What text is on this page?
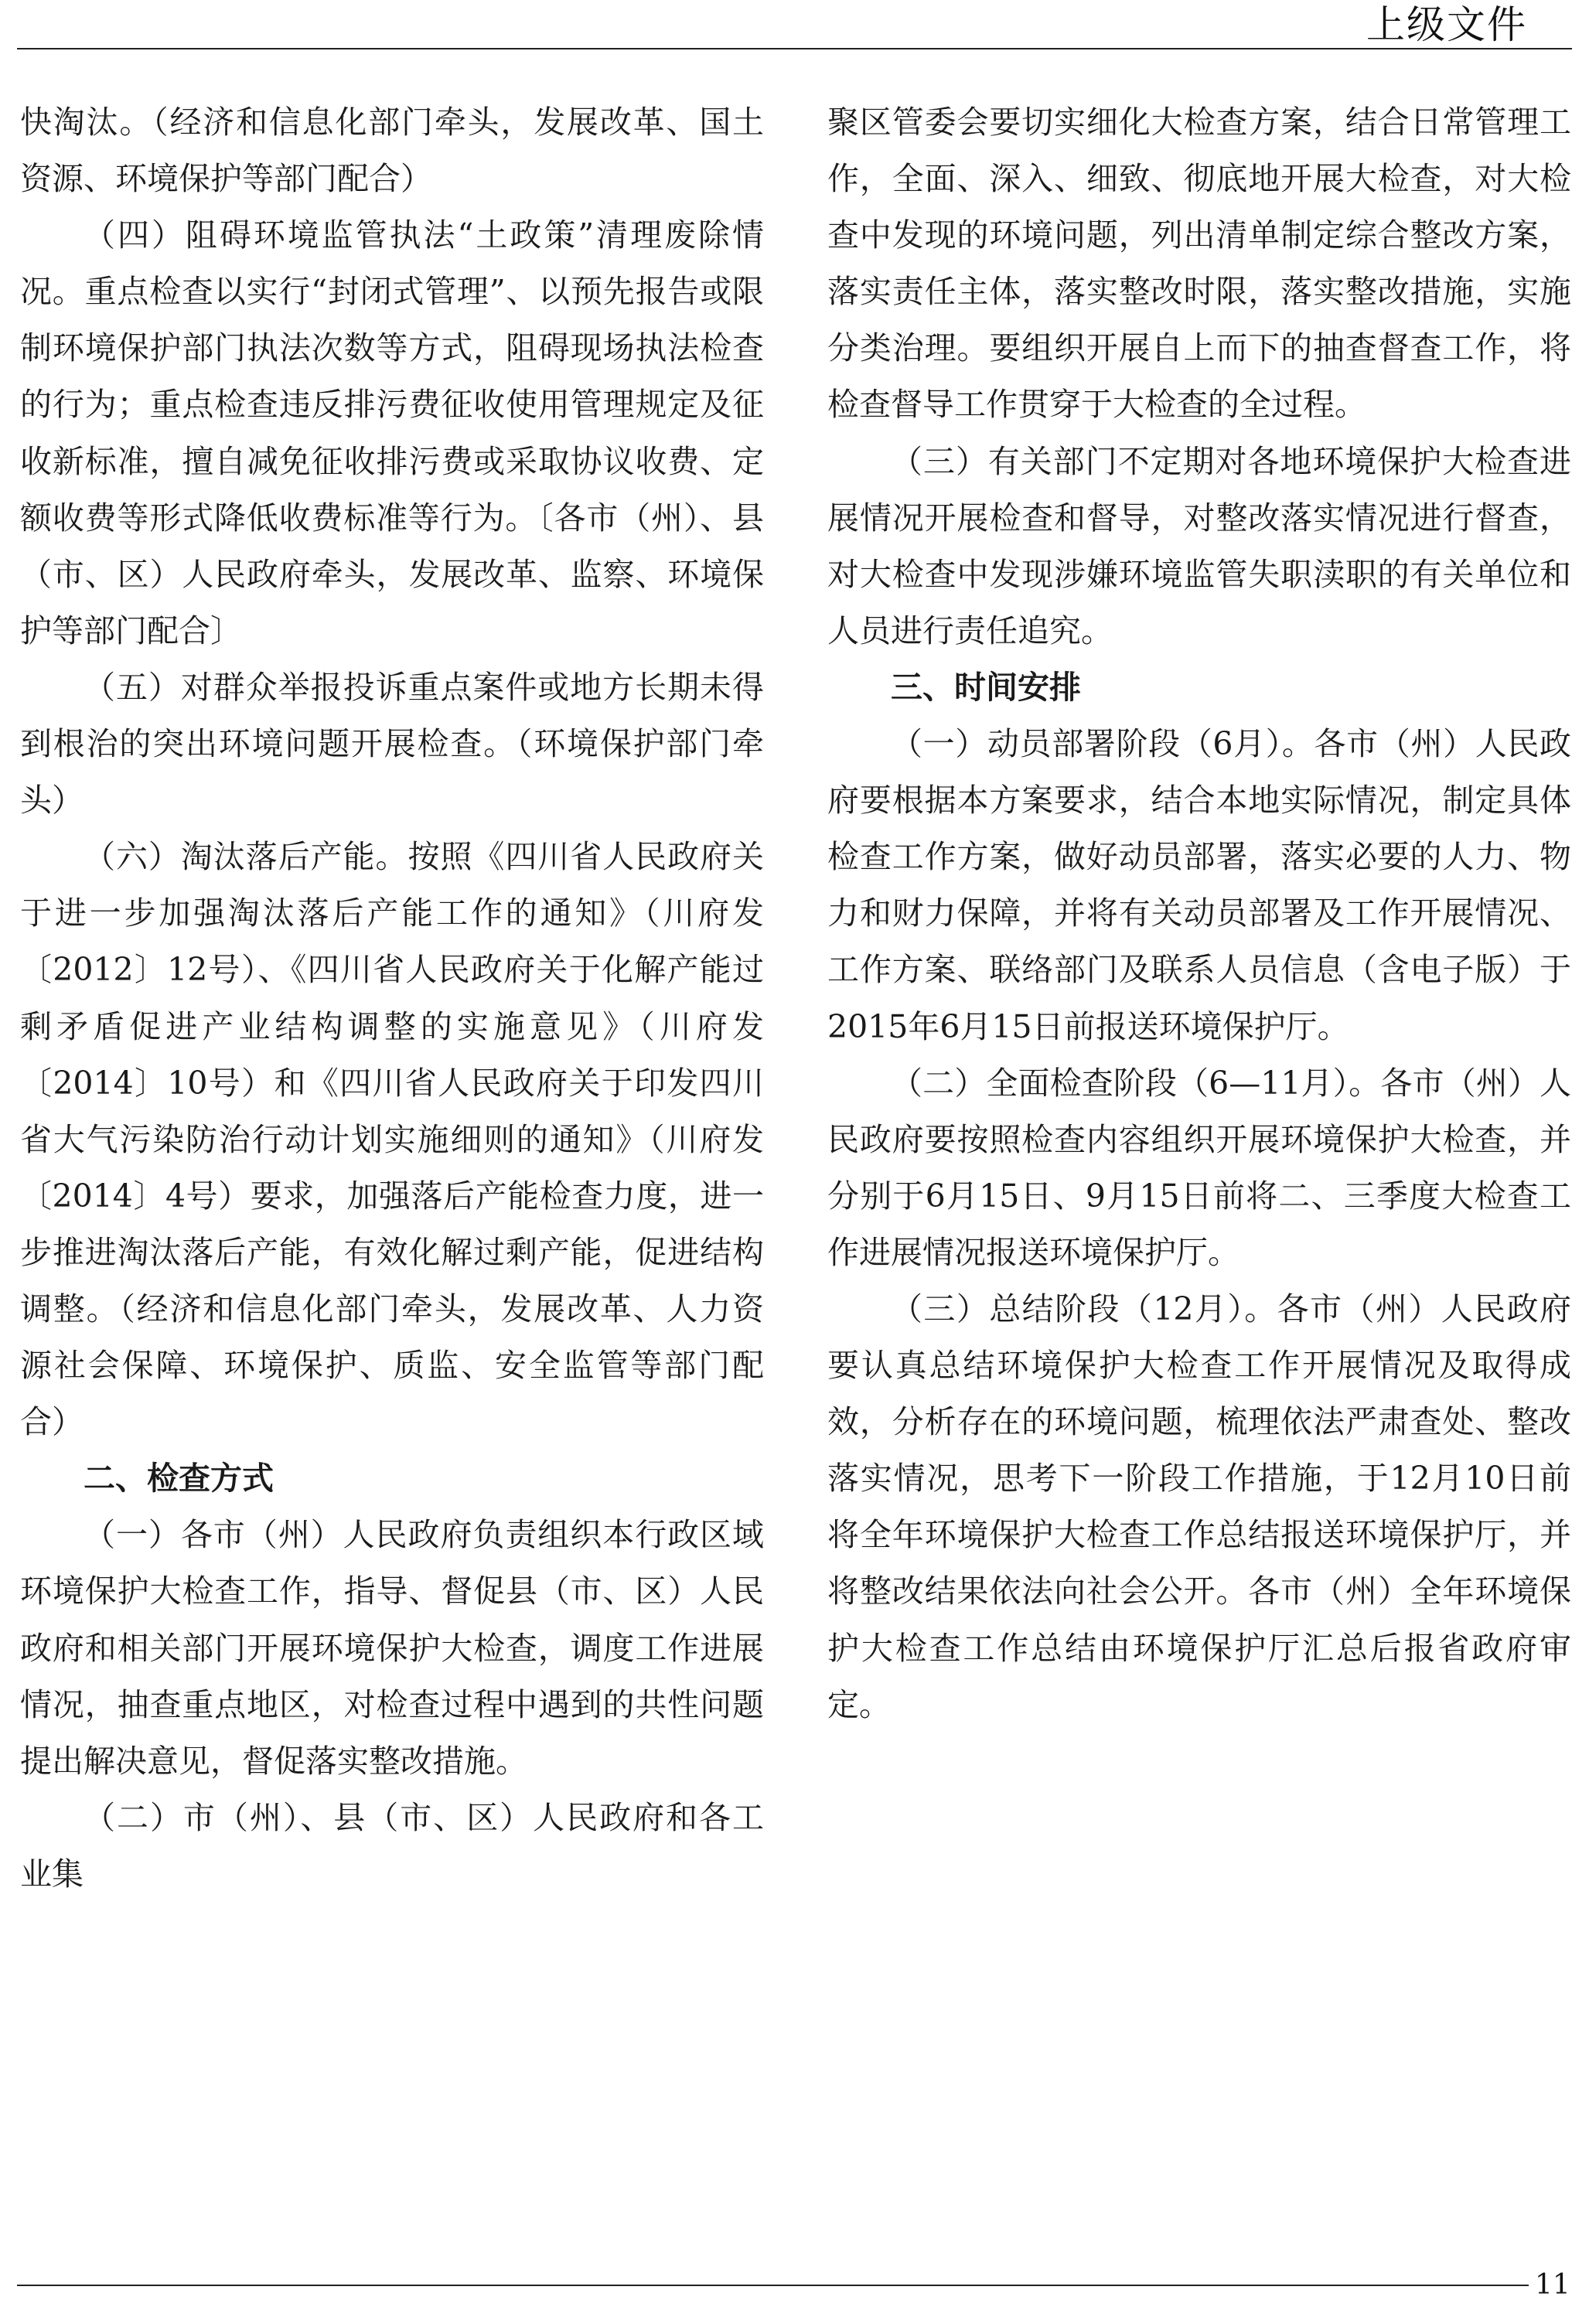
上级文件

快淘汰。（经济和信息化部门牵头，发展改革、国土资源、环境保护等部门配合）

（四）阻碍环境监管执法“土政策”清理废除情况。重点检查以实行“封闭式管理”、以预先报告或限制环境保护部门执法次数等方式，阻碍现场执法检查的行为；重点检查违反排污费征收使用管理规定及征收新标准，擅自减免征收排污费或采取协议收费、定额收费等形式降低收费标准等行为。〔各市（州）、县（市、区）人民政府牵头，发展改革、监察、环境保护等部门配合〕

（五）对群众举报投诉重点案件或地方长期未得到根治的突出环境问题开展检查。（环境保护部门牵头）

（六）淘汰落后产能。按照《四川省人民政府关于进一步加强淘汰落后产能工作的通知》（川府发〔2012〕12号）、《四川省人民政府关于化解产能过剩矛盾促进产业结构调整的实施意见》（川府发〔2014〕10号）和《四川省人民政府关于印发四川省大气污染防治行动计划实施细则的通知》（川府发〔2014〕4号）要求，加强落后产能检查力度，进一步推进淘汰落后产能，有效化解过剩产能，促进结构调整。（经济和信息化部门牵头，发展改革、人力资源社会保障、环境保护、质监、安全监管等部门配合）

二、检查方式

（一）各市（州）人民政府负责组织本行政区域环境保护大检查工作，指导、督促县（市、区）人民政府和相关部门开展环境保护大检查，调度工作进展情况，抽查重点地区，对检查过程中遇到的共性问题提出解决意见，督促落实整改措施。

（二）市（州）、县（市、区）人民政府和各工业集

聚区管委会要切实细化大检查方案，结合日常管理工作，全面、深入、细致、彻底地开展大检查，对大检查中发现的环境问题，列出清单制定综合整改方案，落实责任主体，落实整改时限，落实整改措施，实施分类治理。要组织开展自上而下的抽查督查工作，将检查督导工作贯穿于大检查的全过程。

（三）有关部门不定期对各地环境保护大检查进展情况开展检查和督导，对整改落实情况进行督查，对大检查中发现涉嫌环境监管失职渎职的有关单位和人员进行责任追究。

三、时间安排

（一）动员部署阶段（6月）。各市（州）人民政府要根据本方案要求，结合本地实际情况，制定具体检查工作方案，做好动员部署，落实必要的人力、物力和财力保障，并将有关动员部署及工作开展情况、工作方案、联络部门及联系人员信息（含电子版）于2015年6月15日前报送环境保护厅。

（二）全面检查阶段（6—11月）。各市（州）人民政府要按照检查内容组织开展环境保护大检查，并分别于6月15日、9月15日前将二、三季度大检查工作进展情况报送环境保护厅。

（三）总结阶段（12月）。各市（州）人民政府要认真总结环境保护大检查工作开展情况及取得成效，分析存在的环境问题，梳理依法严肃查处、整改落实情况，思考下一阶段工作措施，于12月10日前将全年环境保护大检查工作总结报送环境保护厅，并将整改结果依法向社会公开。各市（州）全年环境保护大检查工作总结由环境保护厅汇总后报省政府审定。

11
